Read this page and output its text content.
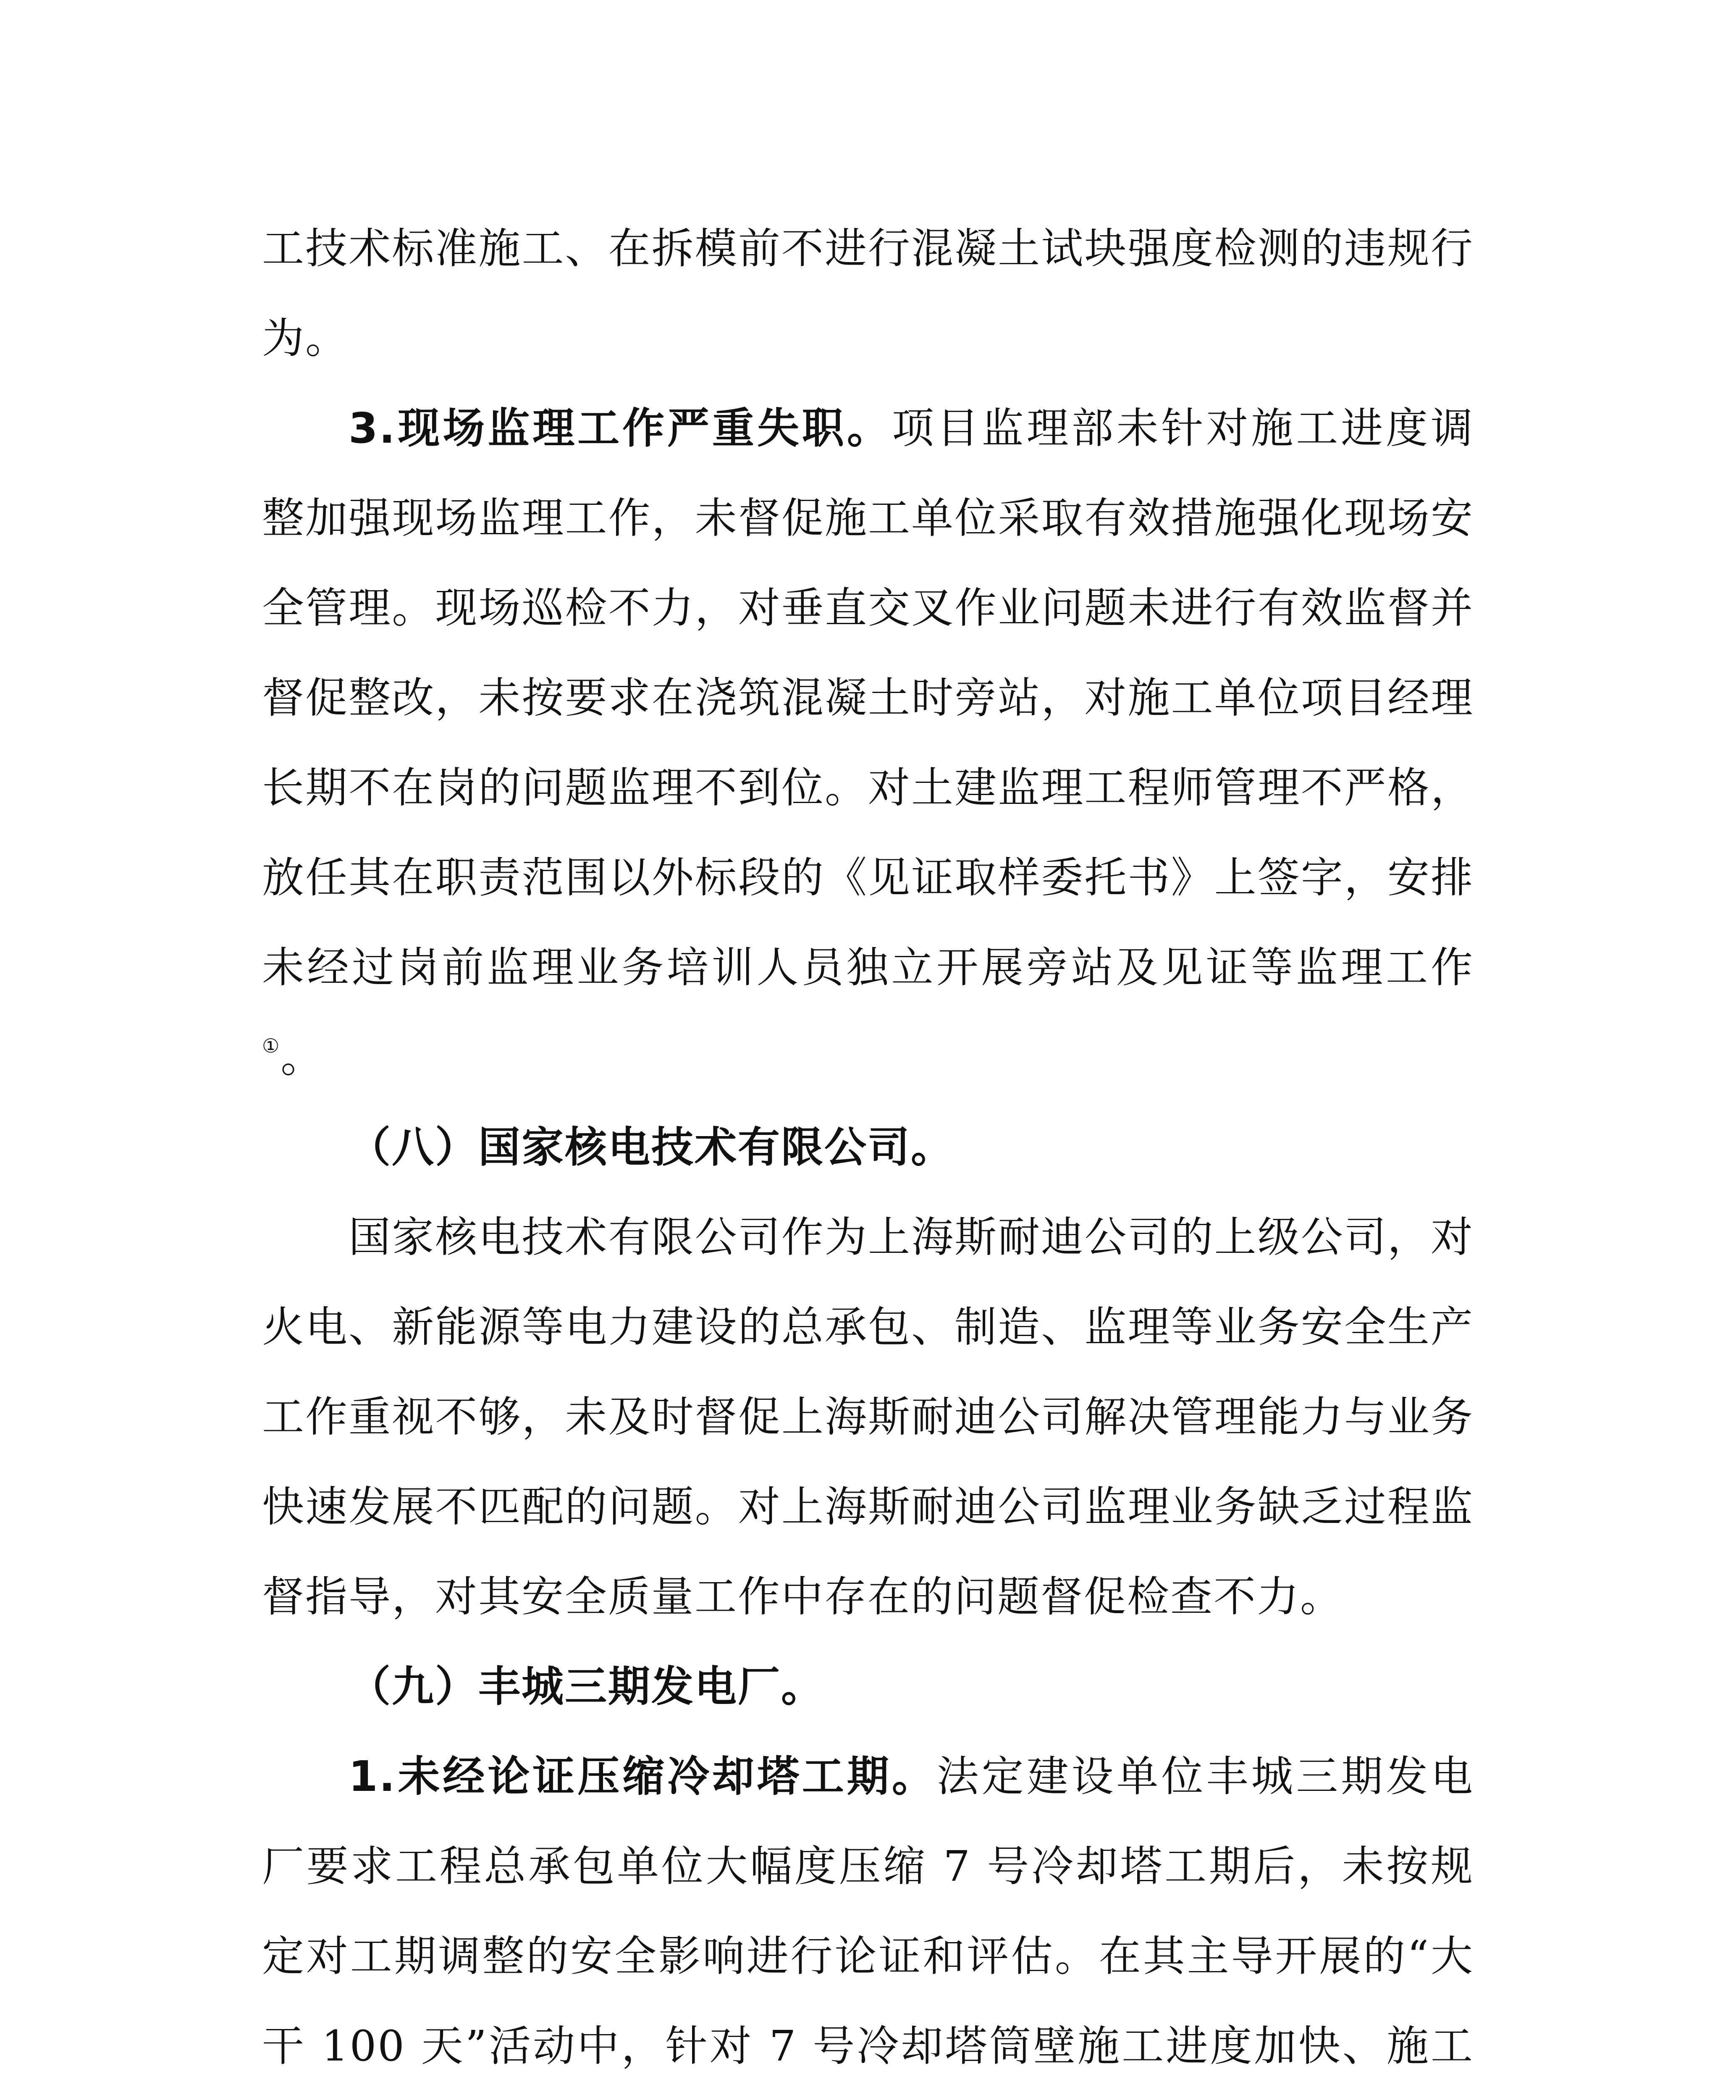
工技术标准施工、在拆模前不进行混凝土试块强度检测的违规行为。

3.现场监理工作严重失职。项目监理部未针对施工进度调整加强现场监理工作，未督促施工单位采取有效措施强化现场安全管理。现场巡检不力，对垂直交叉作业问题未进行有效监督并督促整改，未按要求在浇筑混凝土时旁站，对施工单位项目经理长期不在岗的问题监理不到位。对土建监理工程师管理不严格，放任其在职责范围以外标段的《见证取样委托书》上签字，安排未经过岗前监理业务培训人员独立开展旁站及见证等监理工作①。

（八）国家核电技术有限公司。

国家核电技术有限公司作为上海斯耐迪公司的上级公司，对火电、新能源等电力建设的总承包、制造、监理等业务安全生产工作重视不够，未及时督促上海斯耐迪公司解决管理能力与业务快速发展不匹配的问题。对上海斯耐迪公司监理业务缺乏过程监督指导，对其安全质量工作中存在的问题督促检查不力。

（九）丰城三期发电厂。

1.未经论证压缩冷却塔工期。法定建设单位丰城三期发电厂要求工程总承包单位大幅度压缩 7 号冷却塔工期后，未按规定对工期调整的安全影响进行论证和评估。在其主导开展的“大干 100 天”活动中，针对 7 号冷却塔筒壁施工进度加快、施工
